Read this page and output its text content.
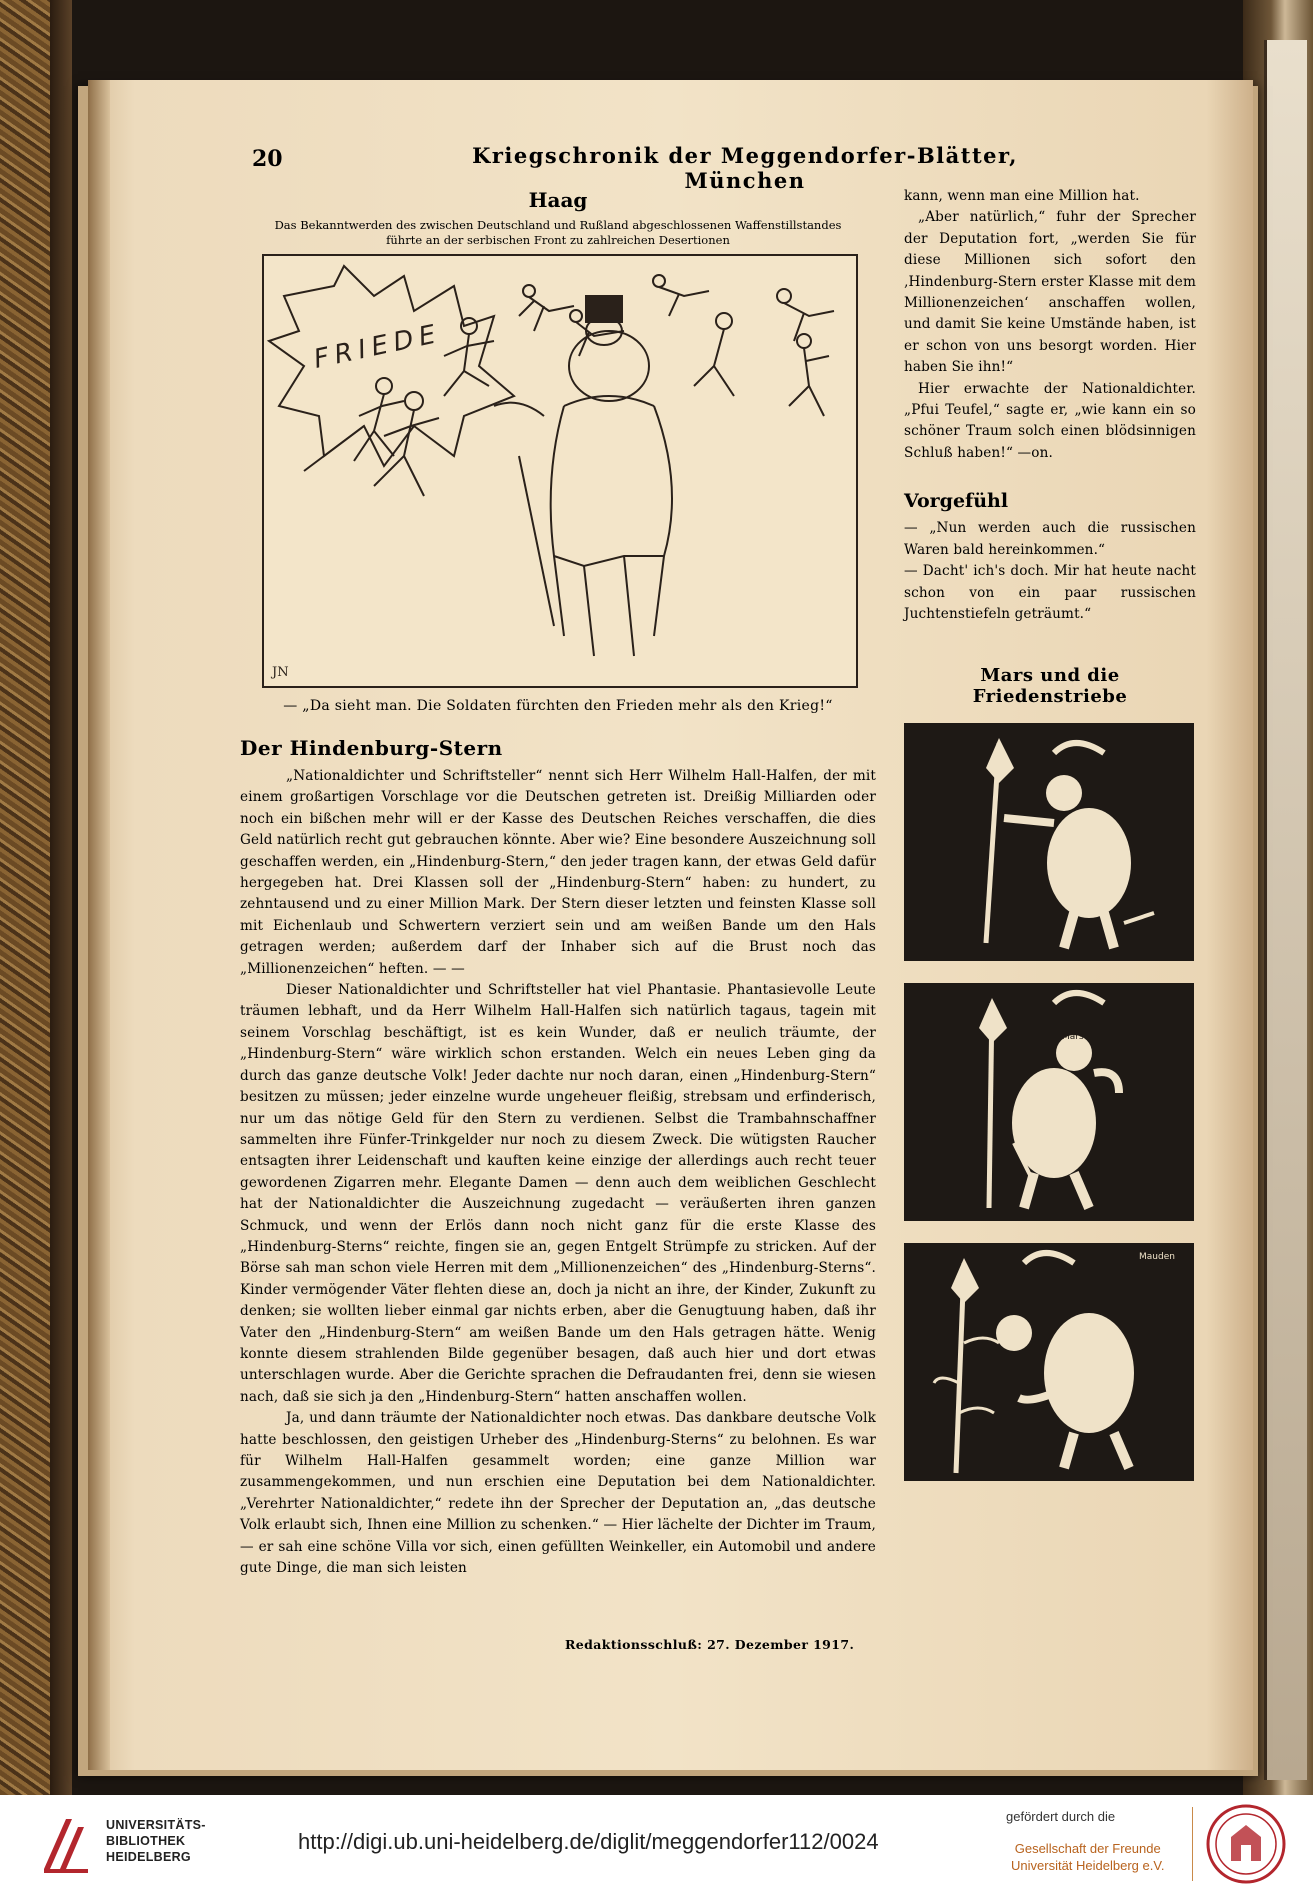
20	Kriegschronik der Meggendorfer-Blätter, München
Haag
Das Bekanntwerden des zwischen Deutschland und Rußland abgeschlossenen Waffenstillstandes
führte an der serbischen Front zu zahlreichen Desertionen
FRIEDE
JN
— „Da sieht man. Die Soldaten fürchten den Frieden mehr als den Krieg!“
Der Hindenburg-Stern

„Nationaldichter und Schriftsteller“ nennt sich Herr Wilhelm Hall-Halfen, der mit einem großartigen Vorschlage vor die Deutschen getreten ist. Dreißig Milliarden oder noch ein bißchen mehr will er der Kasse des Deutschen Reiches verschaffen, die dies Geld natürlich recht gut gebrauchen könnte. Aber wie? Eine besondere Auszeichnung soll geschaffen werden, ein „Hindenburg-Stern,“ den jeder tragen kann, der etwas Geld dafür hergegeben hat. Drei Klassen soll der „Hindenburg-Stern“ haben: zu hundert, zu zehntausend und zu einer Million Mark. Der Stern dieser letzten und feinsten Klasse soll mit Eichenlaub und Schwertern verziert sein und am weißen Bande um den Hals getragen werden; außerdem darf der Inhaber sich auf die Brust noch das „Millionenzeichen“ heften. — —

Dieser Nationaldichter und Schriftsteller hat viel Phantasie. Phantasievolle Leute träumen lebhaft, und da Herr Wilhelm Hall-Halfen sich natürlich tagaus, tagein mit seinem Vorschlag beschäftigt, ist es kein Wunder, daß er neulich träumte, der „Hindenburg-Stern“ wäre wirklich schon erstanden. Welch ein neues Leben ging da durch das ganze deutsche Volk! Jeder dachte nur noch daran, einen „Hindenburg-Stern“ besitzen zu müssen; jeder einzelne wurde ungeheuer fleißig, strebsam und erfinderisch, nur um das nötige Geld für den Stern zu verdienen. Selbst die Trambahnschaffner sammelten ihre Fünfer-Trinkgelder nur noch zu diesem Zweck. Die wütigsten Raucher entsagten ihrer Leidenschaft und kauften keine einzige der allerdings auch recht teuer gewordenen Zigarren mehr. Elegante Damen — denn auch dem weiblichen Geschlecht hat der Nationaldichter die Auszeichnung zugedacht — veräußerten ihren ganzen Schmuck, und wenn der Erlös dann noch nicht ganz für die erste Klasse des „Hindenburg-Sterns“ reichte, fingen sie an, gegen Entgelt Strümpfe zu stricken. Auf der Börse sah man schon viele Herren mit dem „Millionenzeichen“ des „Hindenburg-Sterns“. Kinder vermögender Väter flehten diese an, doch ja nicht an ihre, der Kinder, Zukunft zu denken; sie wollten lieber einmal gar nichts erben, aber die Genugtuung haben, daß ihr Vater den „Hindenburg-Stern“ am weißen Bande um den Hals getragen hätte. Wenig konnte diesem strahlenden Bilde gegenüber besagen, daß auch hier und dort etwas unterschlagen wurde. Aber die Gerichte sprachen die Defraudanten frei, denn sie wiesen nach, daß sie sich ja den „Hindenburg-Stern“ hatten anschaffen wollen.

Ja, und dann träumte der Nationaldichter noch etwas. Das dankbare deutsche Volk hatte beschlossen, den geistigen Urheber des „Hindenburg-Sterns“ zu belohnen. Es war für Wilhelm Hall-Halfen gesammelt worden; eine ganze Million war zusammengekommen, und nun erschien eine Deputation bei dem Nationaldichter. „Verehrter Nationaldichter,“ redete ihn der Sprecher der Deputation an, „das deutsche Volk erlaubt sich, Ihnen eine Million zu schenken.“ — Hier lächelte der Dichter im Traum, — er sah eine schöne Villa vor sich, einen gefüllten Weinkeller, ein Automobil und andere gute Dinge, die man sich leisten

Redaktionsschluß: 27. Dezember 1917.

kann, wenn man eine Million hat.

„Aber natürlich,“ fuhr der Sprecher der Deputation fort, „werden Sie für diese Millionen sich sofort den ‚Hindenburg-Stern erster Klasse mit dem Millionenzeichen‘ anschaffen wollen, und damit Sie keine Umstände haben, ist er schon von uns besorgt worden. Hier haben Sie ihn!“

Hier erwachte der Nationaldichter. „Pfui Teufel,“ sagte er, „wie kann ein so schöner Traum solch einen blödsinnigen Schluß haben!“ —on.

Vorgefühl

— „Nun werden auch die russischen Waren bald hereinkommen.“

— Dacht' ich's doch. Mir hat heute nacht schon von ein paar russischen Juchtenstiefeln geträumt.“

Mars und die Friedenstriebe
Mars
Mauden
UNIVERSITÄTS-
BIBLIOTHEK
HEIDELBERG
http://digi.ub.uni-heidelberg.de/diglit/meggendorfer112/0024
gefördert durch die
Gesellschaft der Freunde
Universität Heidelberg e.V.
